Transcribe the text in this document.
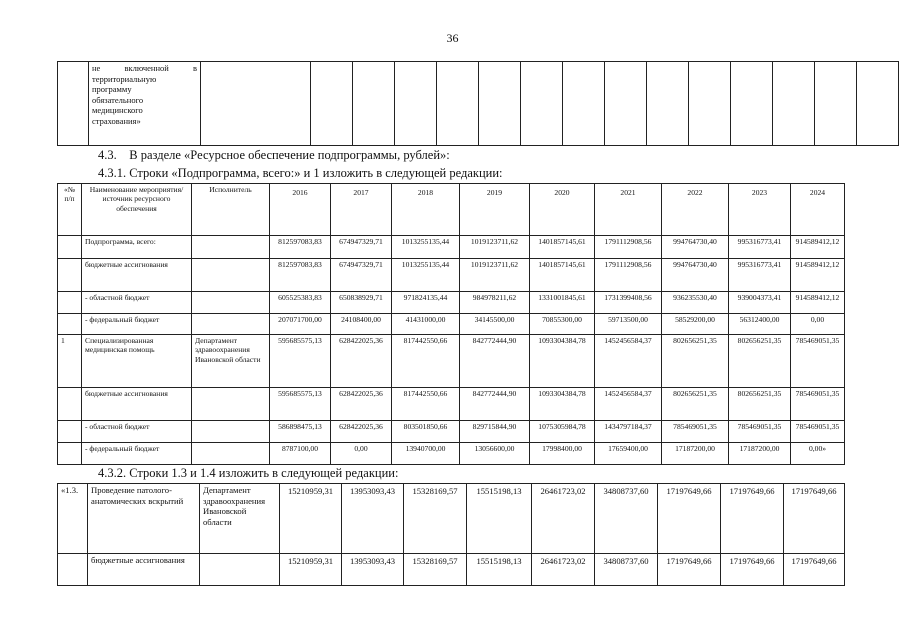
36

не включенной в
территориальную
программу
обязательного
медицинского
страхования»

4.3.    В разделе «Ресурсное обеспечение подпрограммы, рублей»:
4.3.1. Строки «Подпрограмма, всего:» и 1 изложить в следующей редакции:
«№ п/п	Наименование мероприятия/источник ресурсного обеспечения	Исполнитель	2016	2017	2018	2019	2020	2021	2022	2023	2024
	Подпрограмма, всего:		812597083,83	674947329,71	1013255135,44	1019123711,62	1401857145,61	1791112908,56	994764730,40	995316773,41	914589412,12
	бюджетные ассигнования		812597083,83	674947329,71	1013255135,44	1019123711,62	1401857145,61	1791112908,56	994764730,40	995316773,41	914589412,12
	- областной бюджет		605525383,83	650838929,71	971824135,44	984978211,62	1331001845,61	1731399408,56	936235530,40	939004373,41	914589412,12
	- федеральный бюджет		207071700,00	24108400,00	41431000,00	34145500,00	70855300,00	59713500,00	58529200,00	56312400,00	0,00
1	Специализированная медицинская помощь	Департамент здравоохранения Ивановской области	595685575,13	628422025,36	817442550,66	842772444,90	1093304384,78	1452456584,37	802656251,35	802656251,35	785469051,35
	бюджетные ассигнования		595685575,13	628422025,36	817442550,66	842772444,90	1093304384,78	1452456584,37	802656251,35	802656251,35	785469051,35
	- областной бюджет		586898475,13	628422025,36	803501850,66	829715844,90	1075305984,78	1434797184,37	785469051,35	785469051,35	785469051,35
	- федеральный бюджет		8787100,00	0,00	13940700,00	13056600,00	17998400,00	17659400,00	17187200,00	17187200,00	0,00»
4.3.2. Строки 1.3 и 1.4 изложить в следующей редакции:
«1.3.	Проведение патолого-анатомических вскрытий	Департамент здравоохранения Ивановской области	15210959,31	13953093,43	15328169,57	15515198,13	26461723,02	34808737,60	17197649,66	17197649,66	17197649,66
	бюджетные ассигнования		15210959,31	13953093,43	15328169,57	15515198,13	26461723,02	34808737,60	17197649,66	17197649,66	17197649,66
